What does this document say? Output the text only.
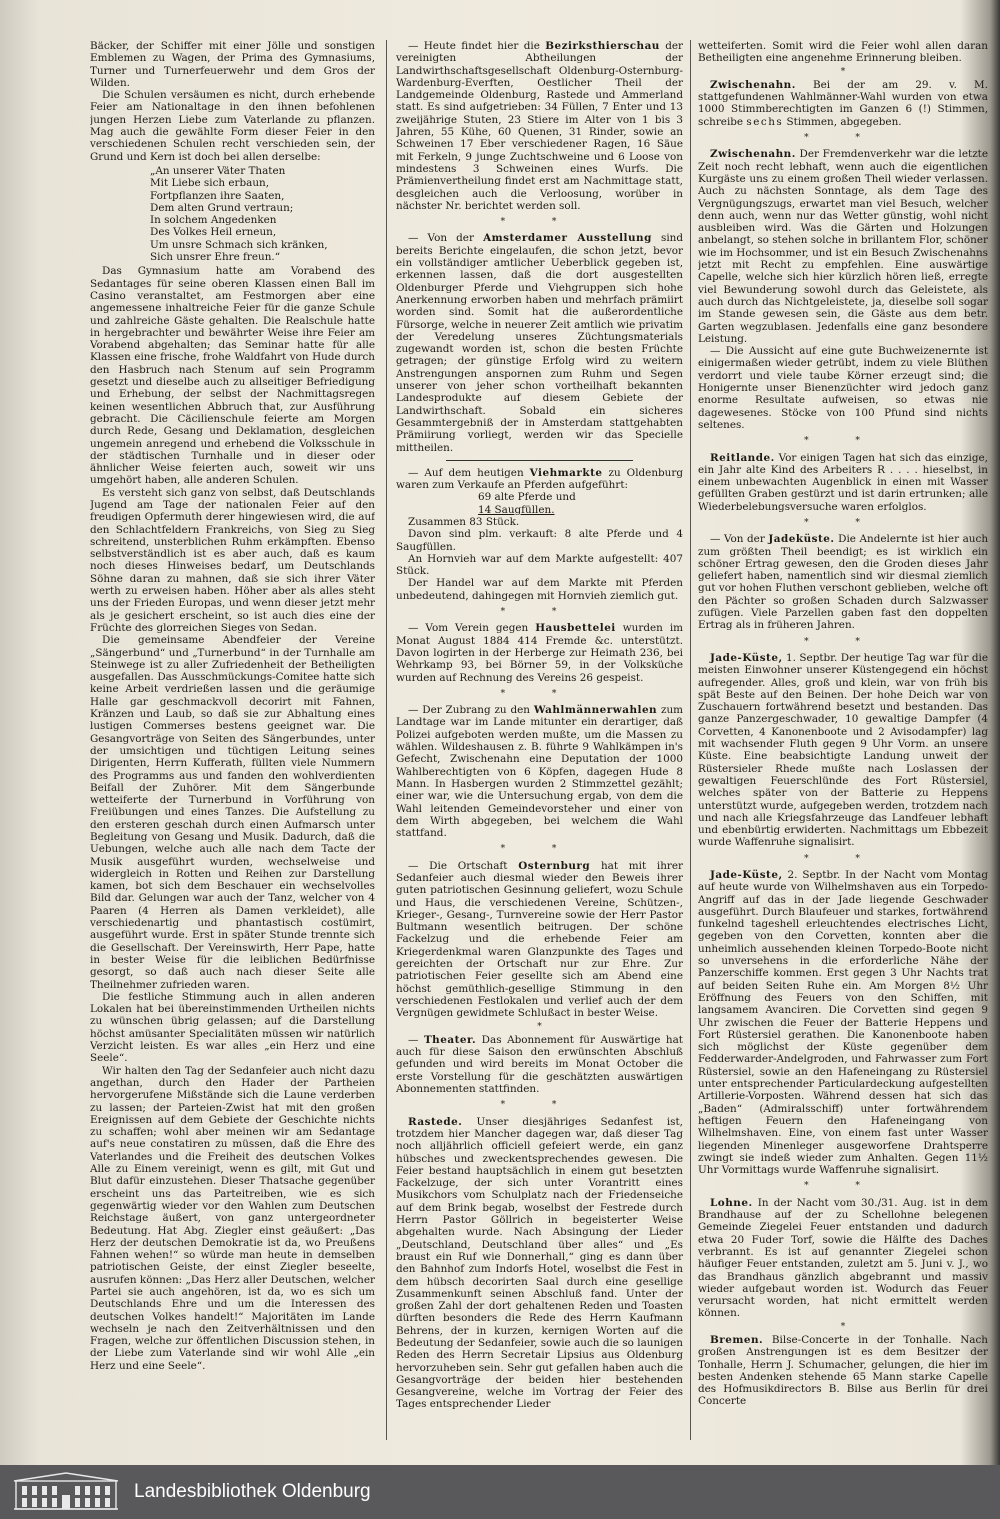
Bäcker, der Schiffer mit einer Jölle und sonstigen Emblemen zu Wagen, der Prima des Gymnasiums, Turner und Turnerfeuerwehr und dem Gros der Wilden.

Die Schulen versäumen es nicht, durch erhebende Feier am Nationaltage in den ihnen befohlenen jungen Herzen Liebe zum Vaterlande zu pflanzen. Mag auch die gewählte Form dieser Feier in den verschiedenen Schulen recht verschieden sein, der Grund und Kern ist doch bei allen derselbe:

„An unserer Väter Thaten
Mit Liebe sich erbaun,
Fortpflanzen ihre Saaten,
Dem alten Grund vertraun;
In solchem Angedenken
Des Volkes Heil erneun,
Um unsre Schmach sich kränken,
Sich unsrer Ehre freun.“

Das Gymnasium hatte am Vorabend des Sedantages für seine oberen Klassen einen Ball im Casino veranstaltet, am Festmorgen aber eine angemessene inhaltreiche Feier für die ganze Schule und zahlreiche Gäste gehalten. Die Realschule hatte in hergebrachter und bewährter Weise ihre Feier am Vorabend abgehalten; das Seminar hatte für alle Klassen eine frische, frohe Waldfahrt von Hude durch den Hasbruch nach Stenum auf sein Programm gesetzt und dieselbe auch zu allseitiger Befriedigung und Erhebung, der selbst der Nachmittagsregen keinen wesentlichen Abbruch that, zur Ausführung gebracht. Die Cäcilienschule feierte am Morgen durch Rede, Gesang und Deklamation, desgleichen ungemein anregend und erhebend die Volksschule in der städtischen Turnhalle und in dieser oder ähnlicher Weise feierten auch, soweit wir uns umgehört haben, alle anderen Schulen.

Es versteht sich ganz von selbst, daß Deutschlands Jugend am Tage der nationalen Feier auf den freudigen Opfermuth derer hingewiesen wird, die auf den Schlachtfeldern Frankreichs, von Sieg zu Sieg schreitend, unsterblichen Ruhm erkämpften. Ebenso selbstverständlich ist es aber auch, daß es kaum noch dieses Hinweises bedarf, um Deutschlands Söhne daran zu mahnen, daß sie sich ihrer Väter werth zu erweisen haben. Höher aber als alles steht uns der Frieden Europas, und wenn dieser jetzt mehr als je gesichert erscheint, so ist auch dies eine der Früchte des glorreichen Sieges von Sedan.

Die gemeinsame Abendfeier der Vereine „Sängerbund“ und „Turnerbund“ in der Turnhalle am Steinwege ist zu aller Zufriedenheit der Betheiligten ausgefallen. Das Ausschmückungs-Comitee hatte sich keine Arbeit verdrießen lassen und die geräumige Halle gar geschmackvoll decorirt mit Fahnen, Kränzen und Laub, so daß sie zur Abhaltung eines lustigen Commerses bestens geeignet war. Die Gesangvorträge von Seiten des Sängerbundes, unter der umsichtigen und tüchtigen Leitung seines Dirigenten, Herrn Kufferath, füllten viele Nummern des Programms aus und fanden den wohlverdienten Beifall der Zuhörer. Mit dem Sängerbunde wetteiferte der Turnerbund in Vorführung von Freiübungen und eines Tanzes. Die Aufstellung zu den ersteren geschah durch einen Aufmarsch unter Begleitung von Gesang und Musik. Dadurch, daß die Uebungen, welche auch alle nach dem Tacte der Musik ausgeführt wurden, wechselweise und widergleich in Rotten und Reihen zur Darstellung kamen, bot sich dem Beschauer ein wechselvolles Bild dar. Gelungen war auch der Tanz, welcher von 4 Paaren (4 Herren als Damen verkleidet), alle verschiedenartig und phantastisch costümirt, ausgeführt wurde. Erst in später Stunde trennte sich die Gesellschaft. Der Vereinswirth, Herr Pape, hatte in bester Weise für die leiblichen Bedürfnisse gesorgt, so daß auch nach dieser Seite alle Theilnehmer zufrieden waren.

Die festliche Stimmung auch in allen anderen Lokalen hat bei übereinstimmenden Urtheilen nichts zu wünschen übrig gelassen; auf die Darstellung höchst amüsanter Specialitäten müssen wir natürlich Verzicht leisten. Es war alles „ein Herz und eine Seele“.

Wir halten den Tag der Sedanfeier auch nicht dazu angethan, durch den Hader der Partheien hervorgerufene Mißstände sich die Laune verderben zu lassen; der Parteien-Zwist hat mit den großen Ereignissen auf dem Gebiete der Geschichte nichts zu schaffen; wohl aber meinen wir am Sedantage auf's neue constatiren zu müssen, daß die Ehre des Vaterlandes und die Freiheit des deutschen Volkes Alle zu Einem vereinigt, wenn es gilt, mit Gut und Blut dafür einzustehen. Dieser Thatsache gegenüber erscheint uns das Parteitreiben, wie es sich gegenwärtig wieder vor den Wahlen zum Deutschen Reichstage äußert, von ganz untergeordneter Bedeutung. Hat Abg. Ziegler einst geäußert: „Das Herz der deutschen Demokratie ist da, wo Preußens Fahnen wehen!“ so würde man heute in demselben patriotischen Geiste, der einst Ziegler beseelte, ausrufen können: „Das Herz aller Deutschen, welcher Partei sie auch angehören, ist da, wo es sich um Deutschlands Ehre und um die Interessen des deutschen Volkes handelt!“ Majoritäten im Lande wechseln je nach den Zeitverhältnissen und den Fragen, welche zur öffentlichen Discussion stehen, in der Liebe zum Vaterlande sind wir wohl Alle „ein Herz und eine Seele“.

— Heute findet hier die Bezirksthierschau der vereinigten Abtheilungen der Landwirthschaftsgesellschaft Oldenburg-Osternburg-Wardenburg-Everften, Oestlicher Theil der Landgemeinde Oldenburg, Rastede und Ammerland statt. Es sind aufgetrieben: 34 Füllen, 7 Enter und 13 zweijährige Stuten, 23 Stiere im Alter von 1 bis 3 Jahren, 55 Kühe, 60 Quenen, 31 Rinder, sowie an Schweinen 17 Eber verschiedener Ragen, 16 Säue mit Ferkeln, 9 junge Zuchtschweine und 6 Loose von mindestens 3 Schweinen eines Wurfs. Die Prämienvertheilung findet erst am Nachmittage statt, desgleichen auch die Verloosung, worüber in nächster Nr. berichtet werden soll.

* *

— Von der Amsterdamer Ausstellung sind bereits Berichte eingelaufen, die schon jetzt, bevor ein vollständiger amtlicher Ueberblick gegeben ist, erkennen lassen, daß die dort ausgestellten Oldenburger Pferde und Viehgruppen sich hohe Anerkennung erworben haben und mehrfach prämiirt worden sind. Somit hat die außerordentliche Fürsorge, welche in neuerer Zeit amtlich wie privatim der Veredelung unseres Züchtungsmaterials zugewandt worden ist, schon die besten Früchte getragen; der günstige Erfolg wird zu weitern Anstrengungen anspornen zum Ruhm und Segen unserer von jeher schon vortheilhaft bekannten Landesprodukte auf diesem Gebiete der Landwirthschaft. Sobald ein sicheres Gesammtergebniß der in Amsterdam stattgehabten Prämiirung vorliegt, werden wir das Specielle mittheilen.

— Auf dem heutigen Viehmarkte zu Oldenburg waren zum Verkaufe an Pferden aufgeführt:

69 alte Pferde und

14 Saugfüllen.

Zusammen 83 Stück.

Davon sind plm. verkauft: 8 alte Pferde und 4 Saugfüllen.

An Hornvieh war auf dem Markte aufgestellt: 407 Stück.

Der Handel war auf dem Markte mit Pferden unbedeutend, dahingegen mit Hornvieh ziemlich gut.

* *

— Vom Verein gegen Hausbettelei wurden im Monat August 1884 414 Fremde &c. unterstützt. Davon logirten in der Herberge zur Heimath 236, bei Wehrkamp 93, bei Börner 59, in der Volksküche wurden auf Rechnung des Vereins 26 gespeist.

* *

— Der Zubrang zu den Wahlmännerwahlen zum Landtage war im Lande mitunter ein derartiger, daß Polizei aufgeboten werden mußte, um die Massen zu wählen. Wildeshausen z. B. führte 9 Wahlkämpen in's Gefecht, Zwischenahn eine Deputation der 1000 Wahlberechtigten von 6 Köpfen, dagegen Hude 8 Mann. In Hasbergen wurden 2 Stimmzettel gezählt; einer war, wie die Untersuchung ergab, von dem die Wahl leitenden Gemeindevorsteher und einer von dem Wirth abgegeben, bei welchem die Wahl stattfand.

* *

— Die Ortschaft Osternburg hat mit ihrer Sedanfeier auch diesmal wieder den Beweis ihrer guten patriotischen Gesinnung geliefert, wozu Schule und Haus, die verschiedenen Vereine, Schützen-, Krieger-, Gesang-, Turnvereine sowie der Herr Pastor Bultmann wesentlich beitrugen. Der schöne Fackelzug und die erhebende Feier am Kriegerdenkmal waren Glanzpunkte des Tages und gereichten der Ortschaft nur zur Ehre. Zur patriotischen Feier gesellte sich am Abend eine höchst gemüthlich-gesellige Stimmung in den verschiedenen Festlokalen und verlief auch der dem Vergnügen gewidmete Schlußact in bester Weise.

*

— Theater. Das Abonnement für Auswärtige hat auch für diese Saison den erwünschten Abschluß gefunden und wird bereits im Monat October die erste Vorstellung für die geschätzten auswärtigen Abonnementen stattfinden.

* *

Rastede. Unser diesjähriges Sedanfest ist, trotzdem hier Mancher dagegen war, daß dieser Tag noch alljährlich officiell gefeiert werde, ein ganz hübsches und zweckentsprechendes gewesen. Die Feier bestand hauptsächlich in einem gut besetzten Fackelzuge, der sich unter Vorantritt eines Musikchors vom Schulplatz nach der Friedenseiche auf dem Brink begab, woselbst der Festrede durch Herrn Pastor Göllrich in begeisterter Weise abgehalten wurde. Nach Absingung der Lieder „Deutschland, Deutschland über alles“ und „Es braust ein Ruf wie Donnerhall,“ ging es dann über den Bahnhof zum Indorfs Hotel, woselbst die Fest in dem hübsch decorirten Saal durch eine gesellige Zusammenkunft seinen Abschluß fand. Unter der großen Zahl der dort gehaltenen Reden und Toasten dürften besonders die Rede des Herrn Kaufmann Behrens, der in kurzen, kernigen Worten auf die Bedeutung der Sedanfeier, sowie auch die so launigen Reden des Herrn Secretair Lipsius aus Oldenburg hervorzuheben sein. Sehr gut gefallen haben auch die Gesangvorträge der beiden hier bestehenden Gesangvereine, welche im Vortrag der Feier des Tages entsprechender Lieder

wetteiferten. Somit wird die Feier wohl allen daran Betheiligten eine angenehme Erinnerung bleiben.

*

Zwischenahn. Bei der am 29. v. M. stattgefundenen Wahlmänner-Wahl wurden von etwa 1000 Stimmberechtigten im Ganzen 6 (!) Stimmen, schreibe sechs Stimmen, abgegeben.

* *

Zwischenahn. Der Fremdenverkehr war die letzte Zeit noch recht lebhaft, wenn auch die eigentlichen Kurgäste uns zu einem großen Theil wieder verlassen. Auch zu nächsten Sonntage, als dem Tage des Vergnügungszugs, erwartet man viel Besuch, welcher denn auch, wenn nur das Wetter günstig, wohl nicht ausbleiben wird. Was die Gärten und Holzungen anbelangt, so stehen solche in brillantem Flor, schöner wie im Hochsommer, und ist ein Besuch Zwischenahns jetzt mit Recht zu empfehlen. Eine auswärtige Capelle, welche sich hier kürzlich hören ließ, erregte viel Bewunderung sowohl durch das Geleistete, als auch durch das Nichtgeleistete, ja, dieselbe soll sogar im Stande gewesen sein, die Gäste aus dem betr. Garten wegzublasen. Jedenfalls eine ganz besondere Leistung.

— Die Aussicht auf eine gute Buchweizenernte ist einigermaßen wieder getrübt, indem zu viele Blüthen verdorrt und viele taube Körner erzeugt sind; die Honigernte unser Bienenzüchter wird jedoch ganz enorme Resultate aufweisen, so etwas nie dagewesenes. Stöcke von 100 Pfund sind nichts seltenes.

* *

Reitlande. Vor einigen Tagen hat sich das einzige, ein Jahr alte Kind des Arbeiters R . . . . hieselbst, in einem unbewachten Augenblick in einen mit Wasser gefüllten Graben gestürzt und ist darin ertrunken; alle Wiederbelebungsversuche waren erfolglos.

* *

— Von der Jadeküste. Die Andelernte ist hier auch zum größten Theil beendigt; es ist wirklich ein schöner Ertrag gewesen, den die Groden dieses Jahr geliefert haben, namentlich sind wir diesmal ziemlich gut vor hohen Fluthen verschont geblieben, welche oft den Pächter so großen Schaden durch Salzwasser zufügen. Viele Parzellen gaben fast den doppelten Ertrag als in früheren Jahren.

* *

Jade-Küste, 1. Septbr. Der heutige Tag war für die meisten Einwohner unserer Küstengegend ein höchst aufregender. Alles, groß und klein, war von früh bis spät Beste auf den Beinen. Der hohe Deich war von Zuschauern fortwährend besetzt und bestanden. Das ganze Panzergeschwader, 10 gewaltige Dampfer (4 Corvetten, 4 Kanonenboote und 2 Avisodampfer) lag mit wachsender Fluth gegen 9 Uhr Vorm. an unsere Küste. Eine beabsichtigte Landung unweit der Rüstersieler Rhede mußte nach Loslassen der gewaltigen Feuerschlünde des Fort Rüstersiel, welches später von der Batterie zu Heppens unterstützt wurde, aufgegeben werden, trotzdem nach und nach alle Kriegsfahrzeuge das Landfeuer lebhaft und ebenbürtig erwiderten. Nachmittags um Ebbezeit wurde Waffenruhe signalisirt.

* *

Jade-Küste, 2. Septbr. In der Nacht vom Montag auf heute wurde von Wilhelmshaven aus ein Torpedo-Angriff auf das in der Jade liegende Geschwader ausgeführt. Durch Blaufeuer und starkes, fortwährend funkelnd tageshell erleuchtendes electrisches Licht, gegeben von den Corvetten, konnten aber die unheimlich aussehenden kleinen Torpedo-Boote nicht so unversehens in die erforderliche Nähe der Panzerschiffe kommen. Erst gegen 3 Uhr Nachts trat auf beiden Seiten Ruhe ein. Am Morgen 8½ Uhr Eröffnung des Feuers von den Schiffen, mit langsamem Avanciren. Die Corvetten sind gegen 9 Uhr zwischen die Feuer der Batterie Heppens und Fort Rüstersiel gerathen. Die Kanonenboote haben sich möglichst der Küste gegenüber dem Fedderwarder-Andelgroden, und Fahrwasser zum Fort Rüstersiel, sowie an den Hafeneingang zu Rüstersiel unter entsprechender Particulardeckung aufgestellten Artillerie-Vorposten. Während dessen hat sich das „Baden“ (Admiralsschiff) unter fortwährendem heftigen Feuern den Hafeneingang von Wilhelmshaven. Eine, von einem fast unter Wasser liegenden Minenleger ausgeworfene Drahtsperre zwingt sie indeß wieder zum Anhalten. Gegen 11½ Uhr Vormittags wurde Waffenruhe signalisirt.

* *

Lohne. In der Nacht vom 30./31. Aug. ist in dem Brandhause auf der zu Schellohne belegenen Gemeinde Ziegelei Feuer entstanden und dadurch etwa 20 Fuder Torf, sowie die Hälfte des Daches verbrannt. Es ist auf genannter Ziegelei schon häufiger Feuer entstanden, zuletzt am 5. Juni v. J., wo das Brandhaus gänzlich abgebrannt und massiv wieder aufgebaut worden ist. Wodurch das Feuer verursacht worden, hat nicht ermittelt werden können.

*

Bremen. Bilse-Concerte in der Tonhalle. Nach großen Anstrengungen ist es dem Besitzer der Tonhalle, Herrn J. Schumacher, gelungen, die hier im besten Andenken stehende 65 Mann starke Capelle des Hofmusikdirectors B. Bilse aus Berlin für drei Concerte

Landesbibliothek Oldenburg
